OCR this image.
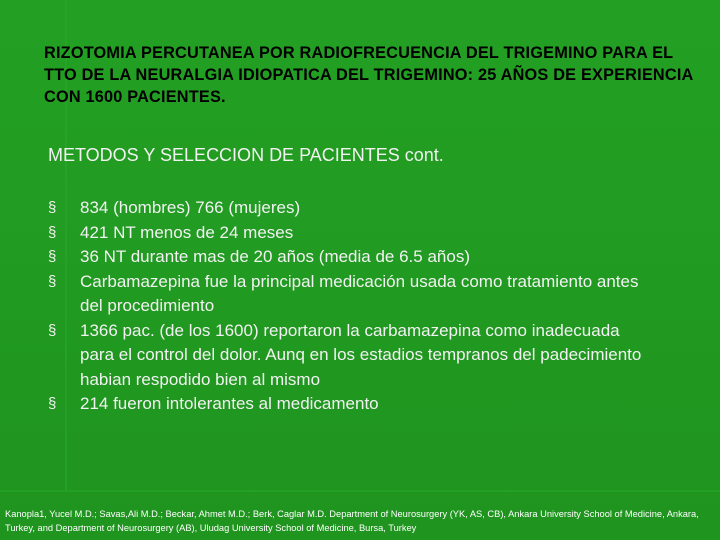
RIZOTOMIA PERCUTANEA POR RADIOFRECUENCIA DEL TRIGEMINO PARA EL TTO DE LA NEURALGIA IDIOPATICA DEL TRIGEMINO: 25 AÑOS DE EXPERIENCIA CON 1600 PACIENTES.
METODOS Y SELECCION DE PACIENTES cont.
§	834 (hombres) 766 (mujeres)
§	421 NT menos de 24 meses
§	36 NT durante mas de 20 años (media de 6.5 años)
§	Carbamazepina fue la principal medicación usada como tratamiento antes del procedimiento
§	1366 pac. (de los 1600) reportaron la carbamazepina como inadecuada para el control del dolor. Aunq en los estadios tempranos del padecimiento habian respodido bien al mismo
§	214 fueron intolerantes al medicamento
Kanopla1, Yucel M.D.; Savas,Ali M.D.; Beckar, Ahmet M.D.; Berk, Caglar M.D. Department of Neurosurgery (YK, AS, CB), Ankara University School of Medicine, Ankara, Turkey, and Department of Neurosurgery (AB), Uludag University School of Medicine, Bursa, Turkey
